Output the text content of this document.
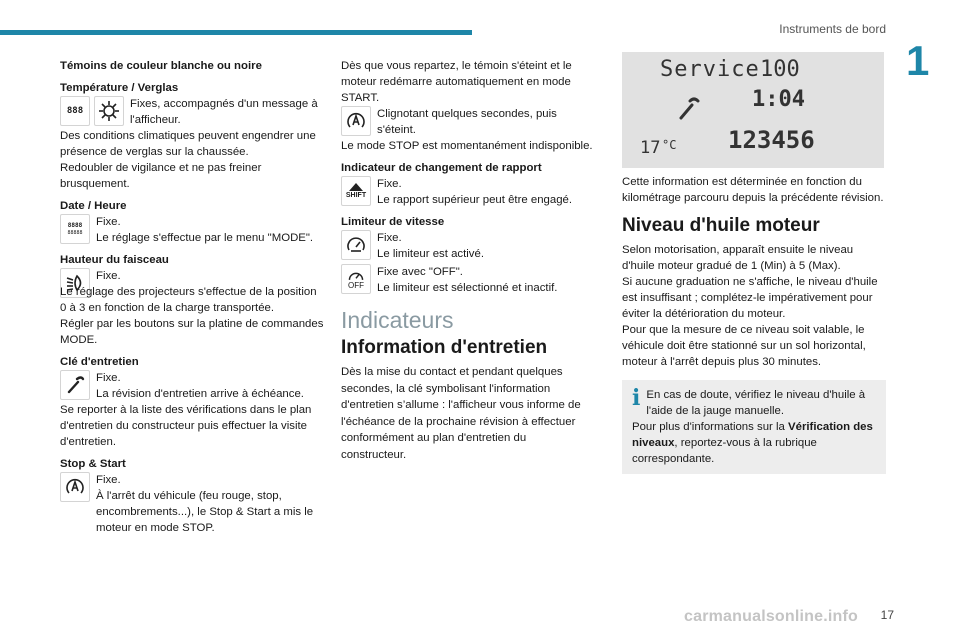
Instruments de bord
1

Témoins de couleur blanche ou noire

Température / Verglas

888
Fixes, accompagnés d'un message à l'afficheur.

Des conditions climatiques peuvent engendrer une présence de verglas sur la chaussée.

Redoubler de vigilance et ne pas freiner brusquement.

Date / Heure

8888
88888
Fixe.

Le réglage s'effectue par le menu "MODE".

Hauteur du faisceau

Fixe.

Le réglage des projecteurs s'effectue de la position 0 à 3 en fonction de la charge transportée.

Régler par les boutons sur la platine de commandes MODE.

Clé d'entretien

Fixe.

La révision d'entretien arrive à échéance.

Se reporter à la liste des vérifications dans le plan d'entretien du constructeur puis effectuer la visite d'entretien.

Stop & Start

Fixe.

À l'arrêt du véhicule (feu rouge, stop, encombrements...), le Stop & Start a mis le moteur en mode STOP.

Dès que vous repartez, le témoin s'éteint et le moteur redémarre automatiquement en mode START.

Clignotant quelques secondes, puis s'éteint.

Le mode STOP est momentanément indisponible.

Indicateur de changement de rapport

SHIFT
Fixe.
Le rapport supérieur peut être engagé.

Limiteur de vitesse

Fixe.
Le limiteur est activé.
OFF
Fixe avec "OFF".
Le limiteur est sélectionné et inactif.

Indicateurs

Information d'entretien

Dès la mise du contact et pendant quelques secondes, la clé symbolisant l'information d'entretien s’allume : l'afficheur vous informe de l'échéance de la prochaine révision à effectuer conformément au plan d'entretien du constructeur.

Service 100
1:04
17 °C 123456

Cette information est déterminée en fonction du kilométrage parcouru depuis la précédente révision.

Niveau d'huile moteur

Selon motorisation, apparaît ensuite le niveau d'huile moteur gradué de 1 (Min) à 5 (Max).

Si aucune graduation ne s'affiche, le niveau d'huile est insuffisant ; complétez-le impérativement pour éviter la détérioration du moteur.

Pour que la mesure de ce niveau soit valable, le véhicule doit être stationné sur un sol horizontal, moteur à l'arrêt depuis plus 30 minutes.

i En cas de doute, vérifiez le niveau d'huile à l'aide de la jauge manuelle.

Pour plus d'informations sur la Vérification des niveaux, reportez-vous à la rubrique correspondante.

carmanualsonline.info 17
